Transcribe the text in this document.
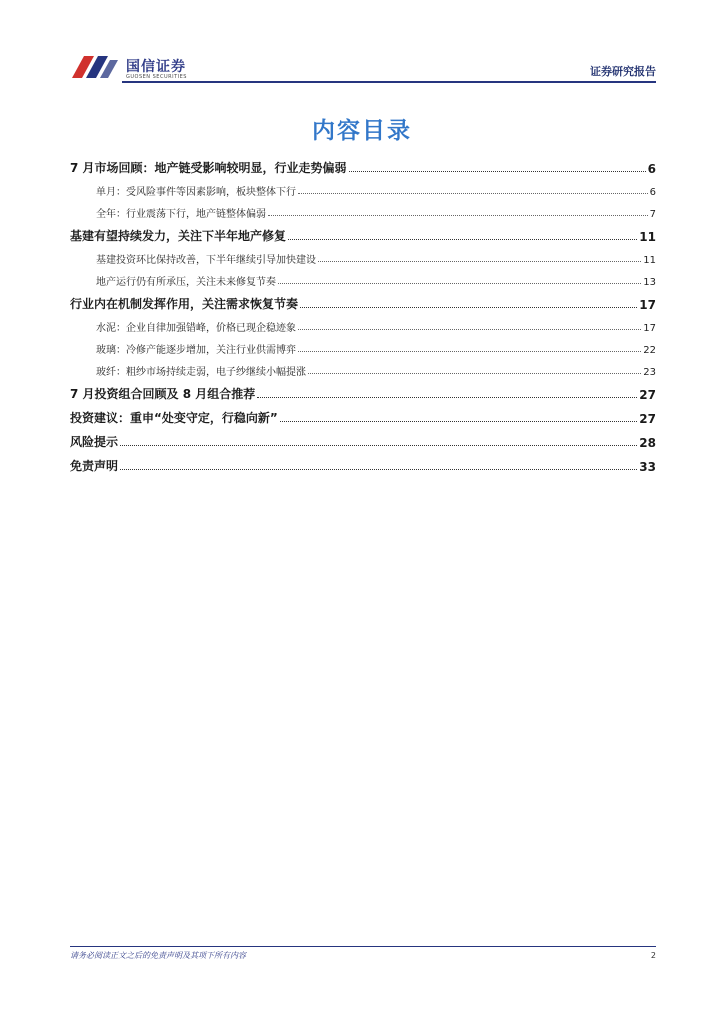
国信证券
GUOSEN SECURITIES	证券研究报告
内容目录
7 月市场回顾：地产链受影响较明显，行业走势偏弱	6
单月：受风险事件等因素影响，板块整体下行	6
全年：行业震荡下行，地产链整体偏弱	7
基建有望持续发力，关注下半年地产修复	11
基建投资环比保持改善，下半年继续引导加快建设	11
地产运行仍有所承压，关注未来修复节奏	13
行业内在机制发挥作用，关注需求恢复节奏	17
水泥：企业自律加强错峰，价格已现企稳迹象	17
玻璃：冷修产能逐步增加，关注行业供需博弈	22
玻纤：粗纱市场持续走弱，电子纱继续小幅提涨	23
7 月投资组合回顾及 8 月组合推荐	27
投资建议：重申“处变守定，行稳向新”	27
风险提示	28
免责声明	33
请务必阅读正文之后的免责声明及其项下所有内容	2
